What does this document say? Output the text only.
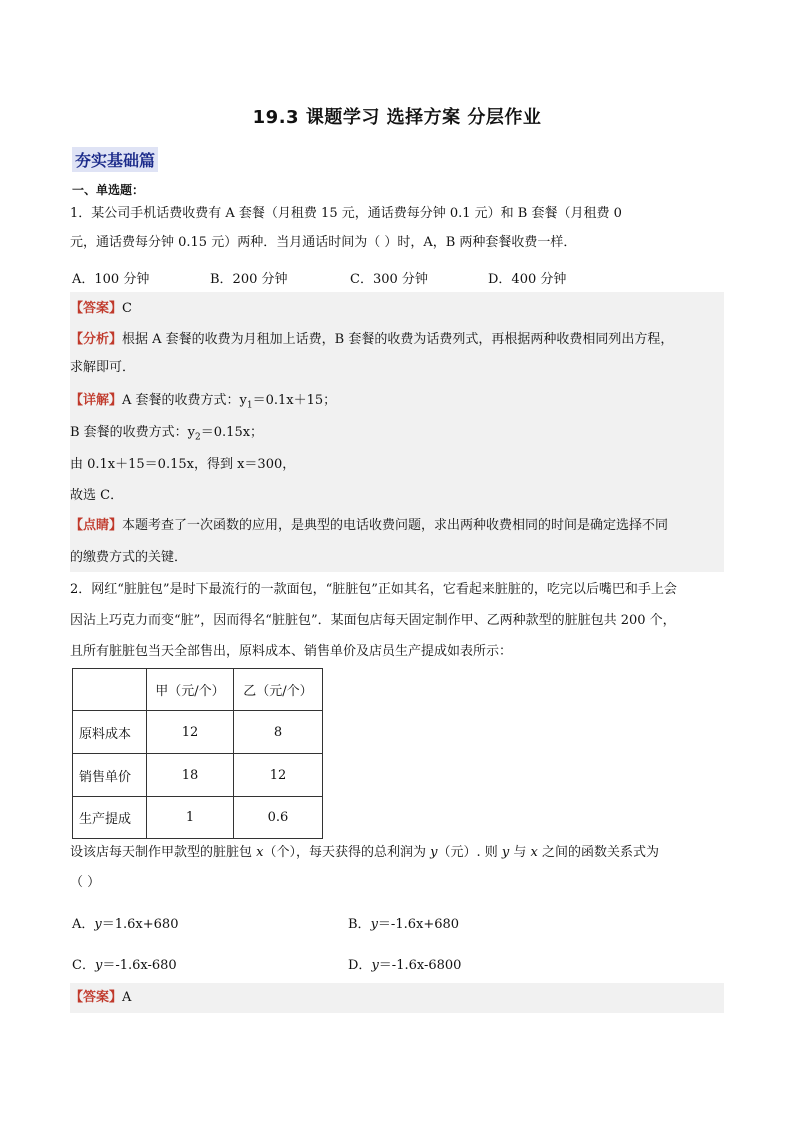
19.3 课题学习 选择方案 分层作业
夯实基础篇
一、单选题：
1．某公司手机话费收费有 A 套餐（月租费 15 元，通话费每分钟 0.1 元）和 B 套餐（月租费 0
元，通话费每分钟 0.15 元）两种．当月通话时间为（ ）时，A，B 两种套餐收费一样．
A．100 分钟	B．200 分钟	C．300 分钟	D．400 分钟
【答案】C
【分析】根据 A 套餐的收费为月租加上话费，B 套餐的收费为话费列式，再根据两种收费相同列出方程，
求解即可．
【详解】A 套餐的收费方式：$y_1=0.1x+15$；
B 套餐的收费方式：$y_2=0.15x$；
由 0.1x＋15＝0.15x，得到 x＝300，
故选 C．
【点睛】本题考查了一次函数的应用，是典型的电话收费问题，求出两种收费相同的时间是确定选择不同
的缴费方式的关键．
2．网红“脏脏包”是时下最流行的一款面包，“脏脏包”正如其名，它看起来脏脏的，吃完以后嘴巴和手上会
因沾上巧克力而变“脏”，因而得名“脏脏包”．某面包店每天固定制作甲、乙两种款型的脏脏包共 200 个，
且所有脏脏包当天全部售出，原料成本、销售单价及店员生产提成如表所示：
	甲（元/个）	乙（元/个）
原料成本	12	8
销售单价	18	12
生产提成	1	0.6
设该店每天制作甲款型的脏脏包 x（个），每天获得的总利润为 y（元）. 则 y 与 x 之间的函数关系式为
（ ）
A．y＝1.6x+680	B．y＝-1.6x+680
C．y＝-1.6x-680	D．y＝-1.6x-6800
【答案】A
